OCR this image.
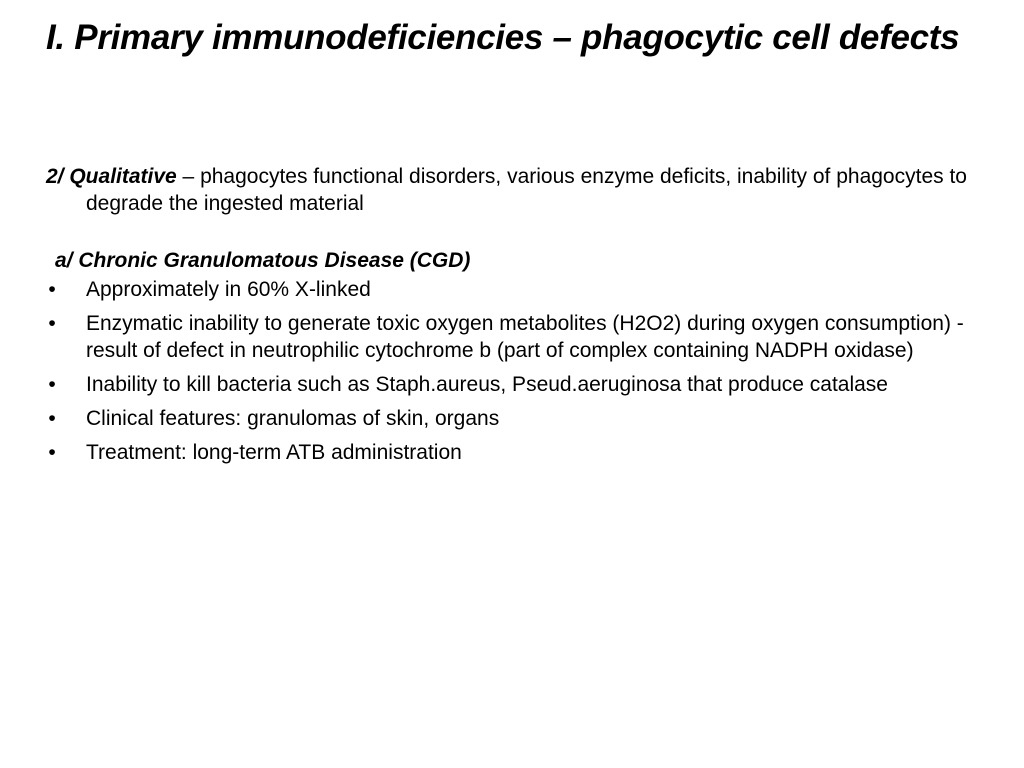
I. Primary immunodeficiencies – phagocytic cell defects

2/ Qualitative – phagocytes functional disorders, various enzyme deficits, inability of phagocytes to degrade the ingested material

a/ Chronic Granulomatous Disease (CGD)

• Approximately in 60% X-linked
• Enzymatic inability to generate toxic oxygen metabolites (H2O2) during oxygen consumption) - result of defect in neutrophilic cytochrome b (part of complex containing NADPH oxidase)
• Inability to kill bacteria such as Staph.aureus, Pseud.aeruginosa that produce catalase
• Clinical features: granulomas of skin, organs
• Treatment: long-term ATB administration
